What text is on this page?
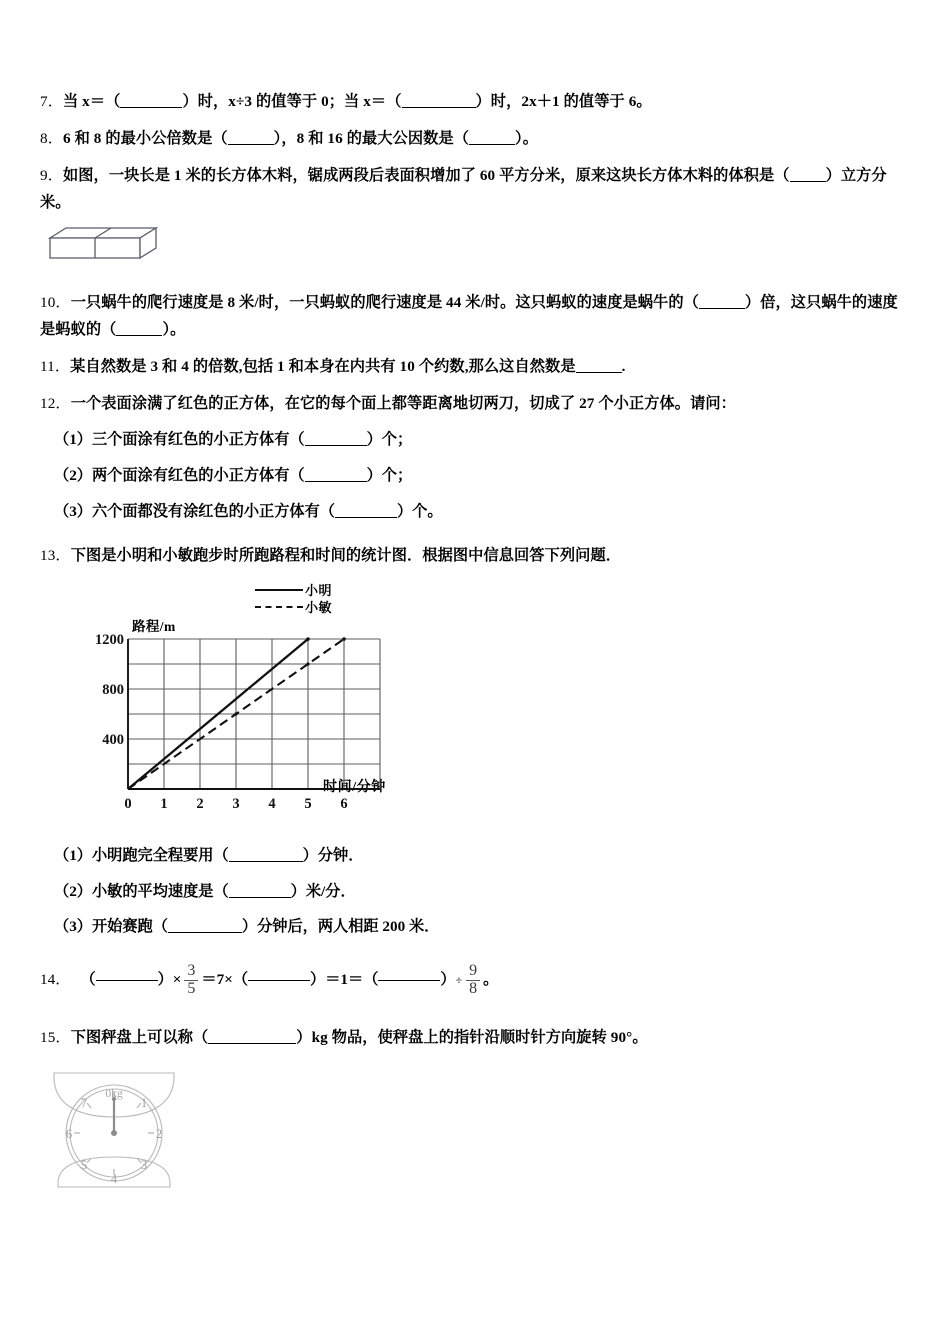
7．当 x＝（	）时，x÷3 的值等于 0；当 x＝（	）时，2x＋1 的值等于 6。
8．6 和 8 的最小公倍数是（	），8 和 16 的最大公因数是（	）。
9．如图，一块长是 1 米的长方体木料，锯成两段后表面积增加了 60 平方分米，原来这块长方体木料的体积是（ ）立方分米。
10．一只蜗牛的爬行速度是 8 米/时，一只蚂蚁的爬行速度是 44 米/时。这只蚂蚁的速度是蜗牛的（	）倍，这只蜗牛的速度是蚂蚁的（	）。
11．某自然数是 3 和 4 的倍数,包括 1 和本身在内共有 10 个约数,那么这自然数是	.
12．一个表面涂满了红色的正方体，在它的每个面上都等距离地切两刀，切成了 27 个小正方体。请问：
（1）三个面涂有红色的小正方体有（	）个；
（2）两个面涂有红色的小正方体有（	）个；
（3）六个面都没有涂红色的小正方体有（	）个。
13．下图是小明和小敏跑步时所跑路程和时间的统计图．根据图中信息回答下列问题．
小明
小敏
路程/m
时间/分钟
1200
800
400
0 1 2 3 4 5 6
（1）小明跑完全程要用（	）分钟．
（2）小敏的平均速度是（	）米/分．
（3）开始赛跑（	）分钟后，两人相距 200 米．
14． （	）× $\frac{3}{5} =7\times$（	）＝1＝（	） ÷ $\frac{9}{8}$ 。
15．下图秤盘上可以称（	）kg 物品，使秤盘上的指针沿顺时针方向旋转 90°。
0kg
1
2
3
4
5
6
7
